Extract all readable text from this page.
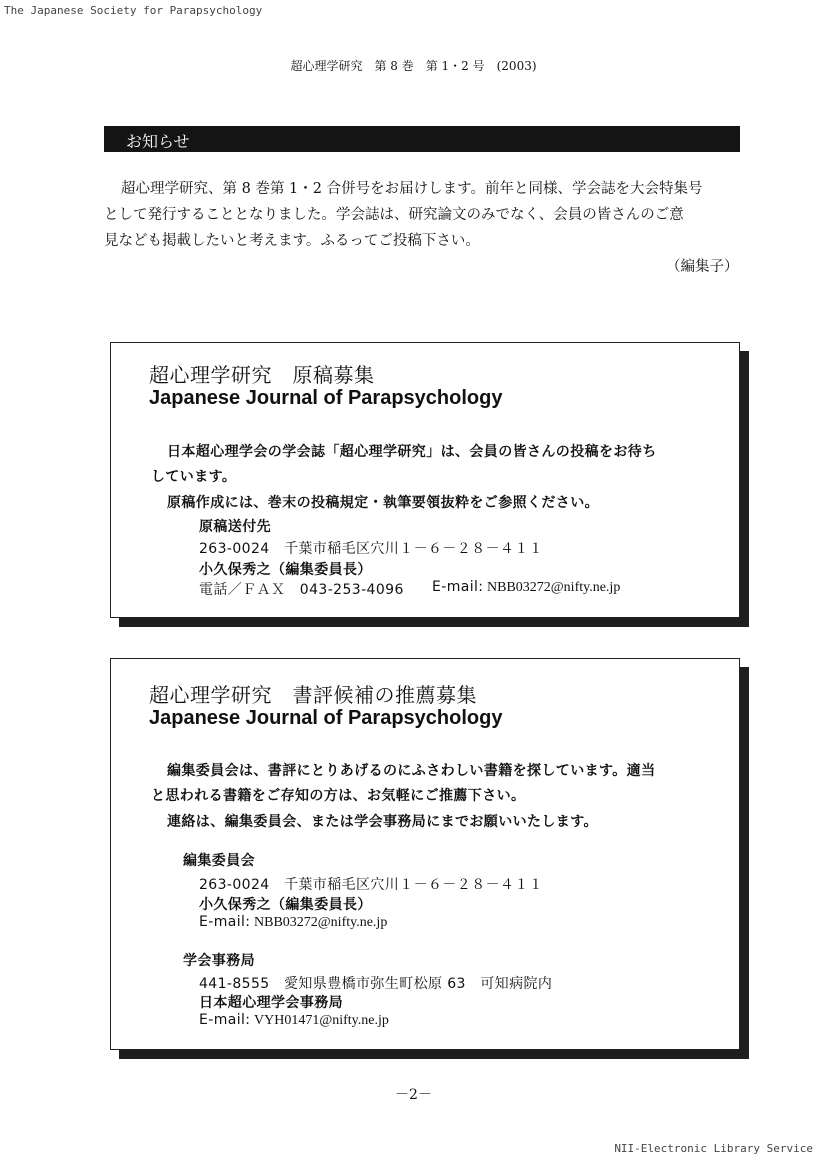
The Japanese Society for Parapsychology
超心理学研究　第 8 巻　第 1・2 号　(2003)
お知らせ
超心理学研究、第 8 巻第 1・2 合併号をお届けします。前年と同様、学会誌を大会特集号
として発行することとなりました。学会誌は、研究論文のみでなく、会員の皆さんのご意
見なども掲載したいと考えます。ふるってご投稿下さい。
（編集子）
超心理学研究　原稿募集
Japanese Journal of Parapsychology
日本超心理学会の学会誌「超心理学研究」は、会員の皆さんの投稿をお待ち
しています。
原稿作成には、巻末の投稿規定・執筆要領抜粋をご参照ください。
原稿送付先
263-0024　千葉市稲毛区穴川１－６－２８－４１１
小久保秀之（編集委員長）
電話／ＦＡＸ　043-253-4096 E-mail: NBB03272@nifty.ne.jp
超心理学研究　書評候補の推薦募集
Japanese Journal of Parapsychology
編集委員会は、書評にとりあげるのにふさわしい書籍を探しています。適当
と思われる書籍をご存知の方は、お気軽にご推薦下さい。
連絡は、編集委員会、または学会事務局にまでお願いいたします。
編集委員会
263-0024　千葉市稲毛区穴川１－６－２８－４１１
小久保秀之（編集委員長）
E-mail: NBB03272@nifty.ne.jp
学会事務局
441-8555　愛知県豊橋市弥生町松原 63　可知病院内
日本超心理学会事務局
E-mail: VYH01471@nifty.ne.jp
－2－
NII-Electronic Library Service
